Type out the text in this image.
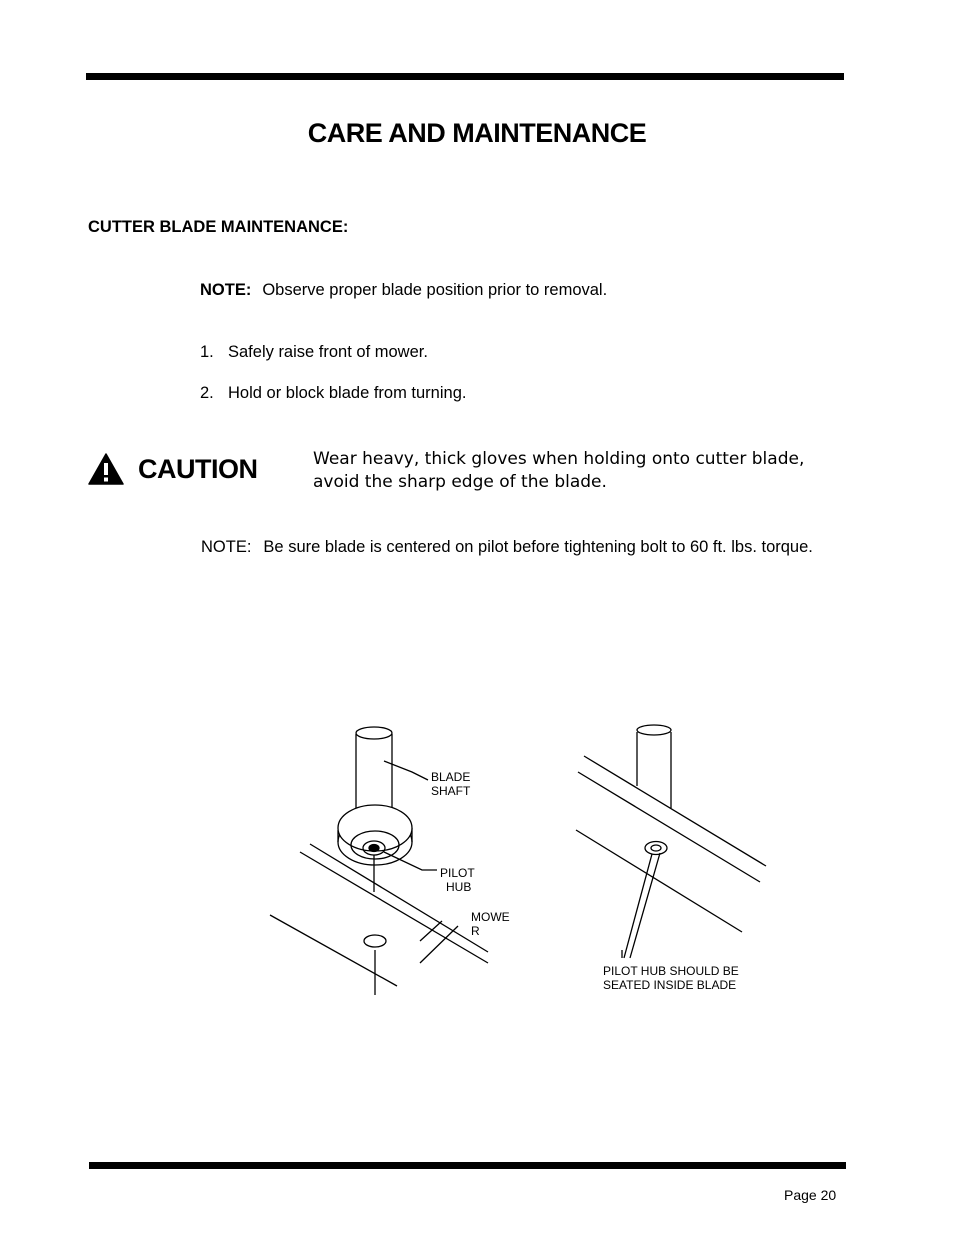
CARE AND MAINTENANCE
CUTTER BLADE MAINTENANCE:
NOTE: Observe proper blade position prior to removal.
1. Safely raise front of mower.
2. Hold or block blade from turning.
CAUTION	Wear heavy, thick gloves when holding onto cutter blade,
avoid the sharp edge of the blade.
NOTE: Be sure blade is centered on pilot before tightening bolt to 60 ft. lbs. torque.
BLADE
SHAFT
PILOT
HUB
MOWE
R
PILOT HUB SHOULD BE
SEATED INSIDE BLADE
Page 20
